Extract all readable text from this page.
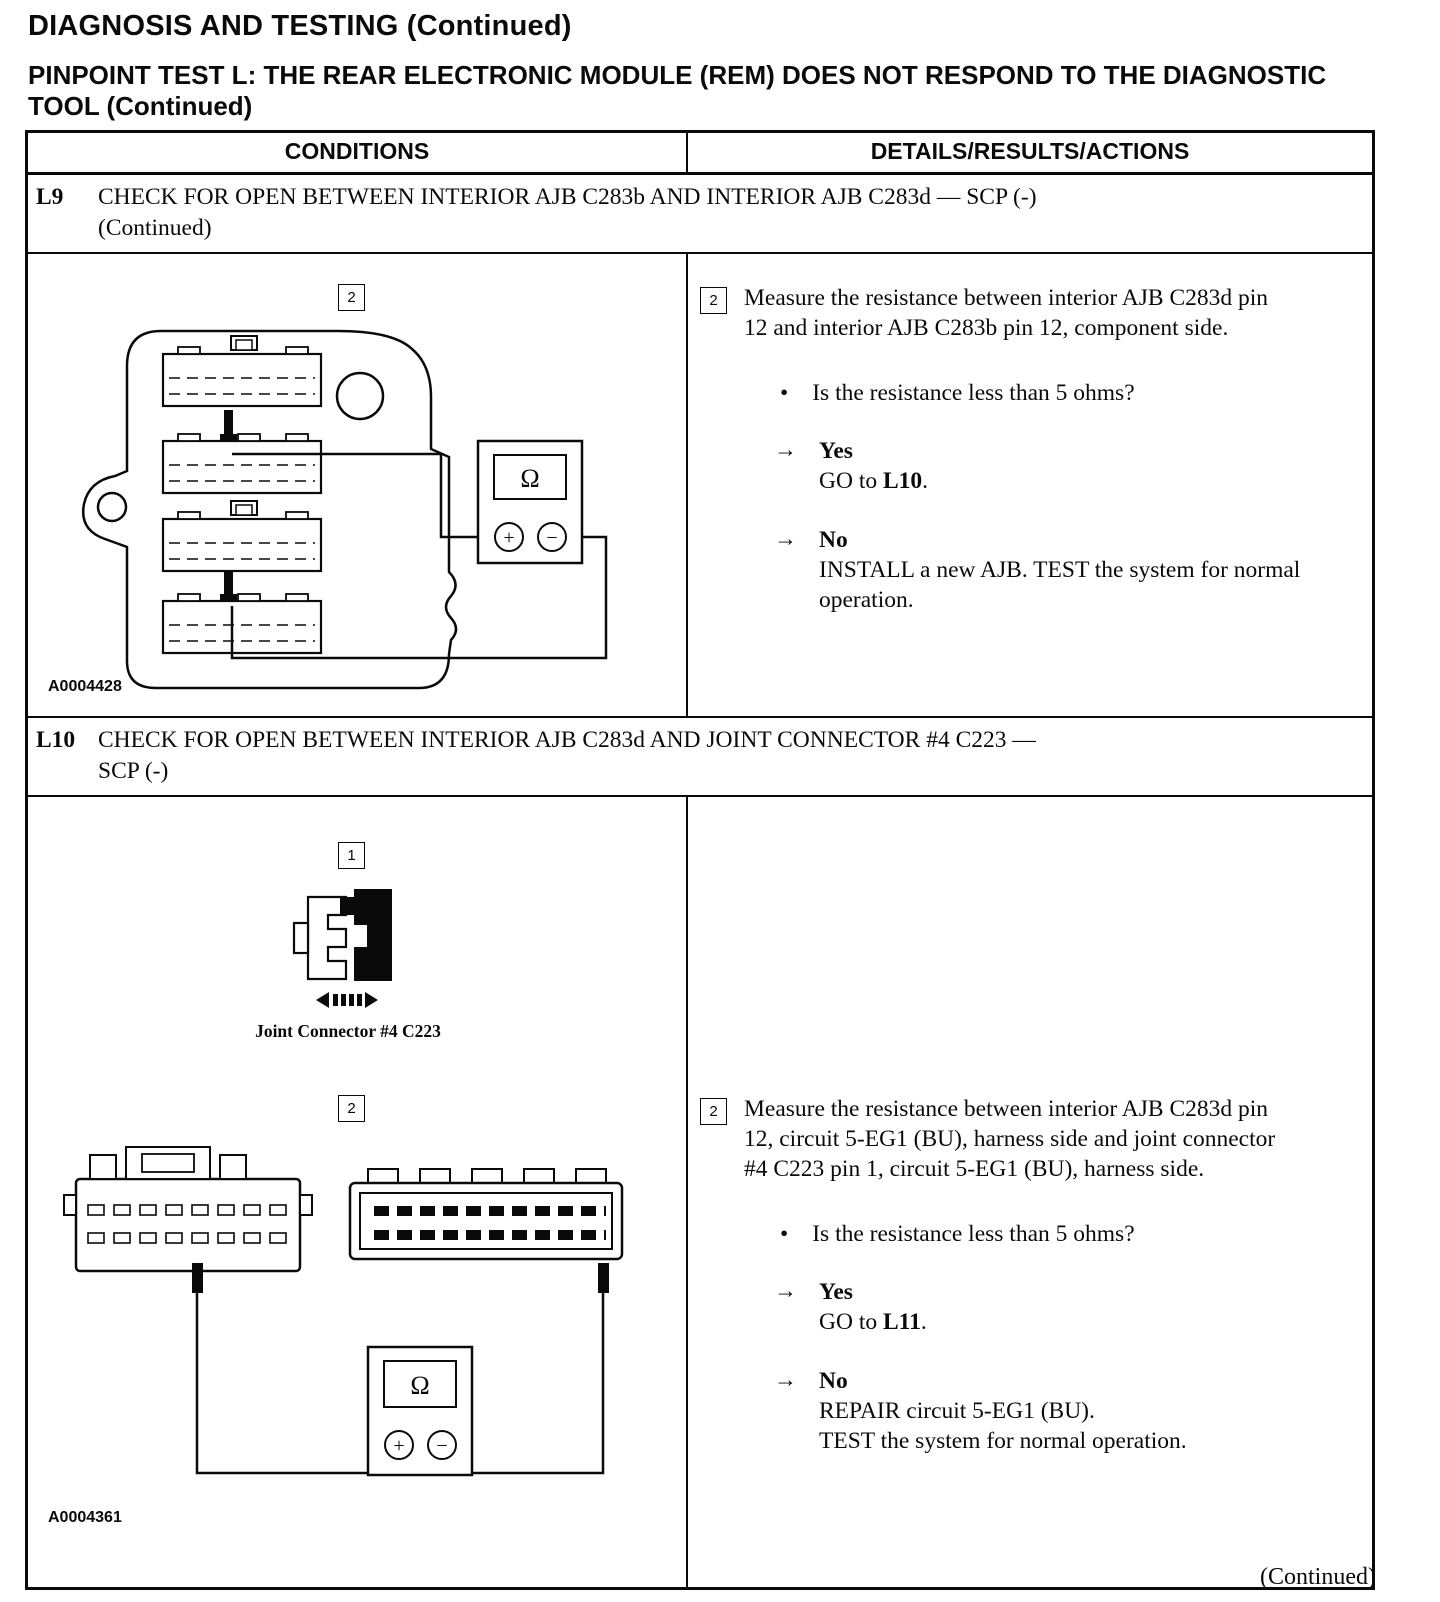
DIAGNOSIS AND TESTING (Continued)
PINPOINT TEST L: THE REAR ELECTRONIC MODULE (REM) DOES NOT RESPOND TO THE DIAGNOSTIC TOOL (Continued)
CONDITIONS	DETAILS/RESULTS/ACTIONS
L9	CHECK FOR OPEN BETWEEN INTERIOR AJB C283b AND INTERIOR AJB C283d — SCP (-)
(Continued)
Ω
+ −
2
A0004428
2	Measure the resistance between interior AJB C283d pin 12 and interior AJB C283b pin 12, component side.

• Is the resistance less than 5 ohms?
→ Yes
GO to L10.
→ No
INSTALL a new AJB. TEST the system for normal operation.
L10 CHECK FOR OPEN BETWEEN INTERIOR AJB C283d AND JOINT CONNECTOR #4 C223 —
SCP (-)
Ω
+ −
1
Joint Connector #4 C223
2
A0004361
2	Measure the resistance between interior AJB C283d pin 12, circuit 5-EG1 (BU), harness side and joint connector #4 C223 pin 1, circuit 5-EG1 (BU), harness side.

• Is the resistance less than 5 ohms?
→ Yes
GO to L11.
→ No
REPAIR circuit 5-EG1 (BU).
TEST the system for normal operation.
(Continued)
